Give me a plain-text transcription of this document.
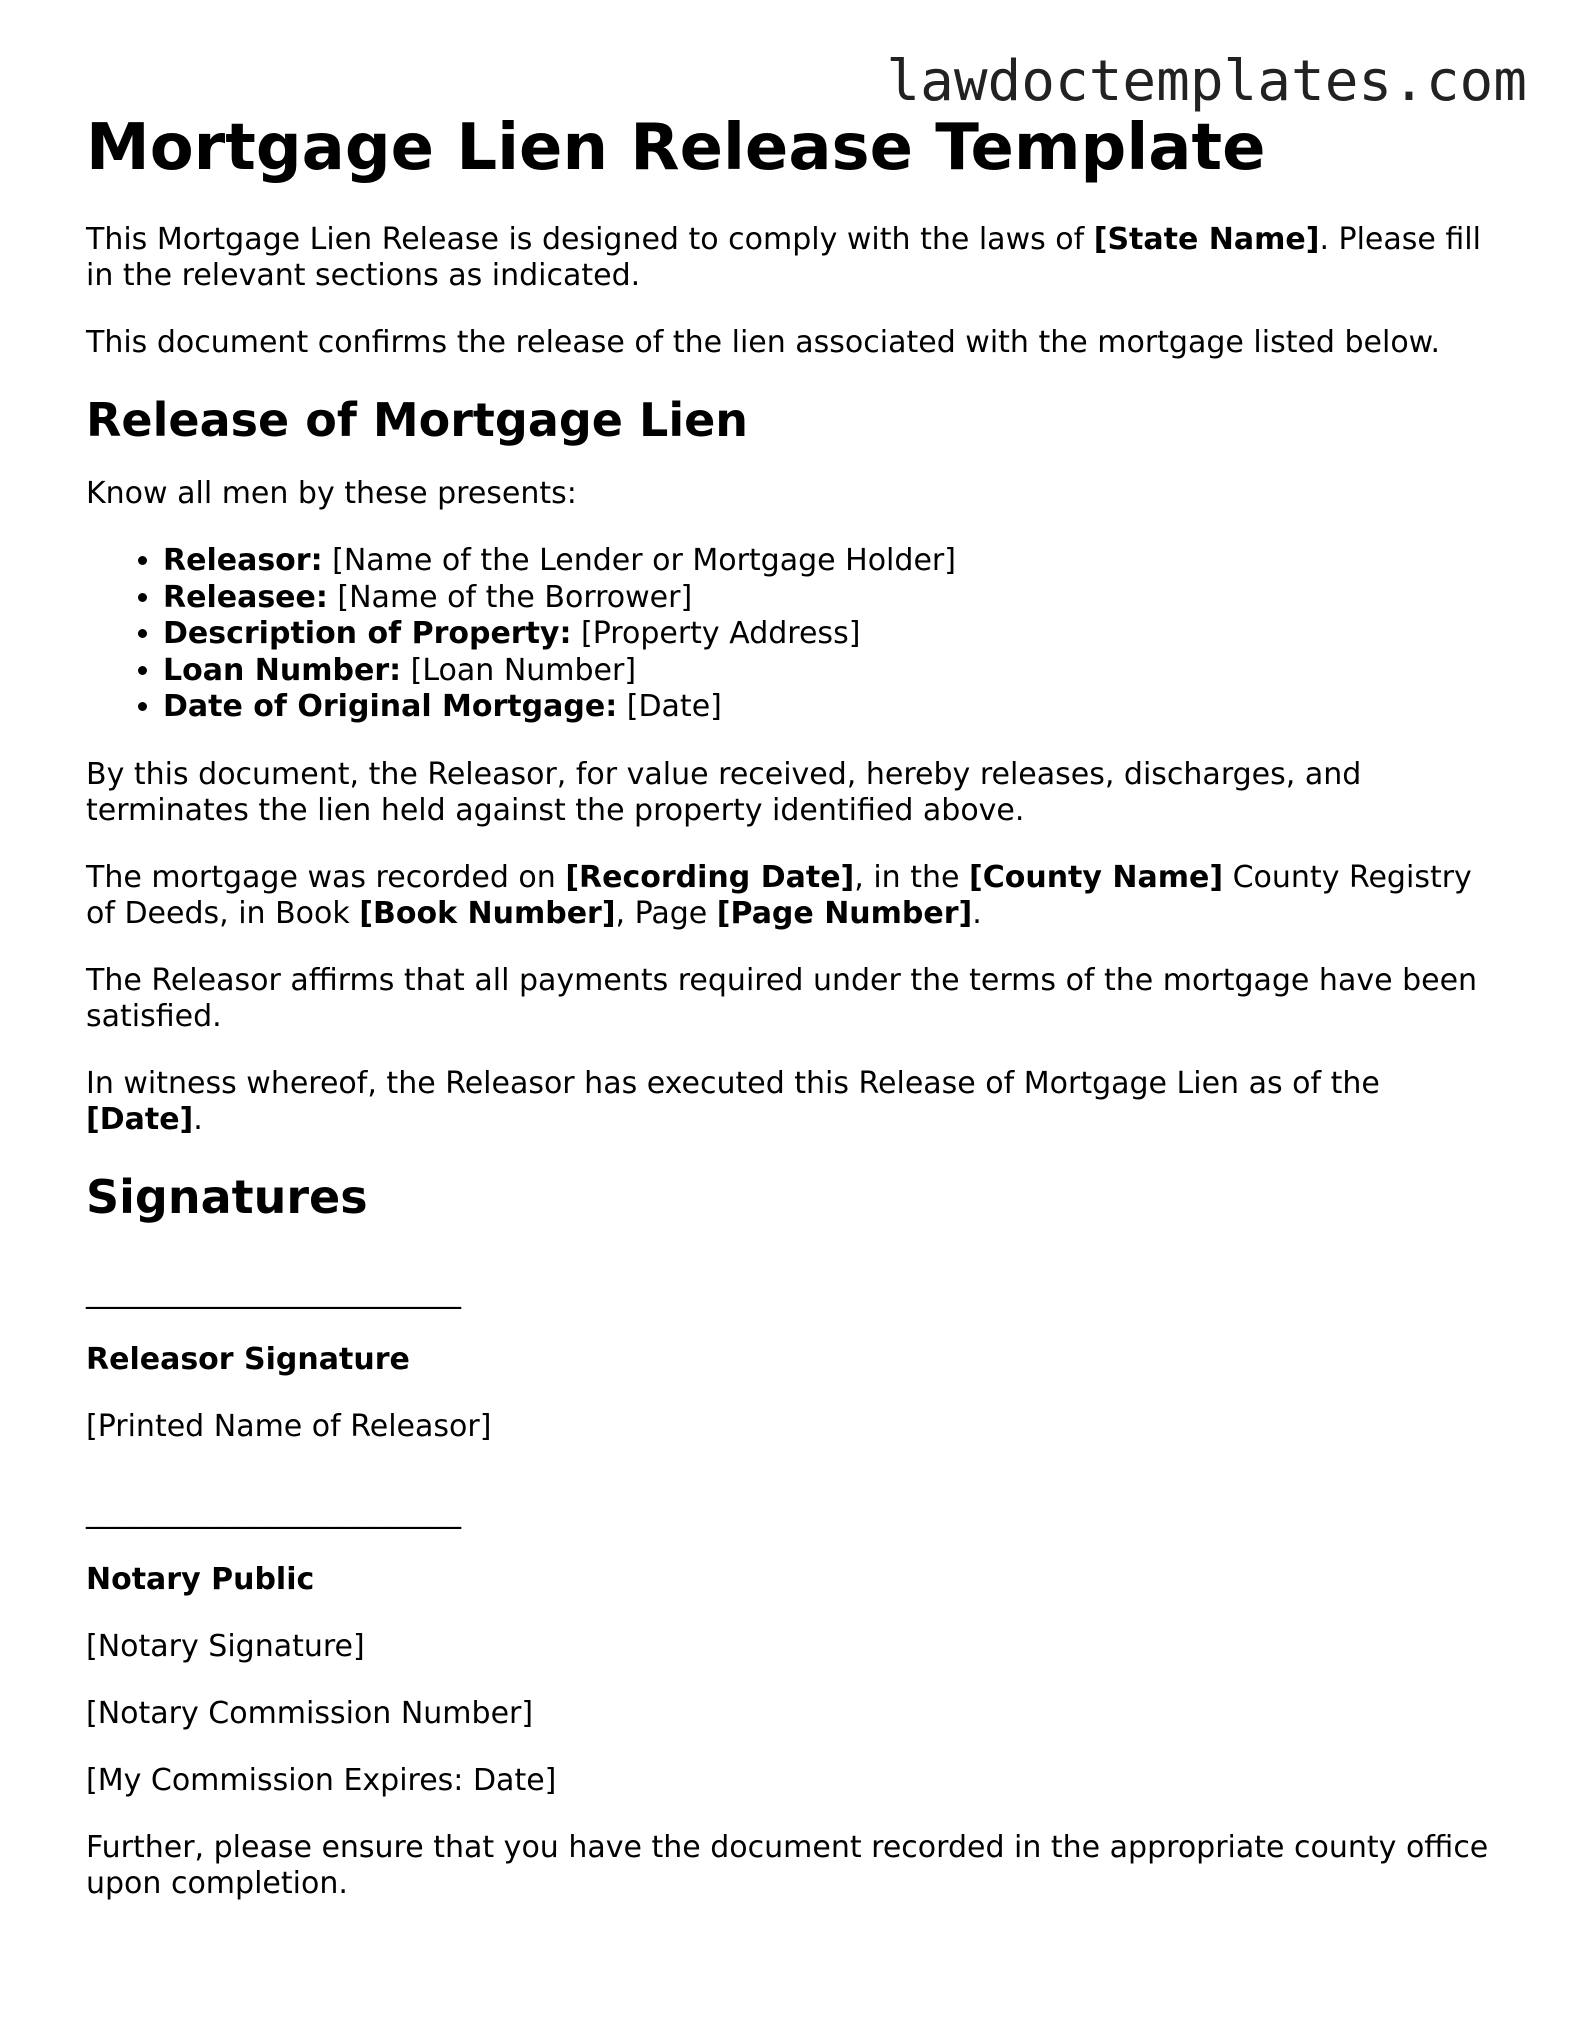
lawdoctemplates.com
Mortgage Lien Release Template

This Mortgage Lien Release is designed to comply with the laws of [State Name]. Please fill in the relevant sections as indicated.

This document confirms the release of the lien associated with the mortgage listed below.

Release of Mortgage Lien

Know all men by these presents:

• Releasor: [Name of the Lender or Mortgage Holder]
• Releasee: [Name of the Borrower]
• Description of Property: [Property Address]
• Loan Number: [Loan Number]
• Date of Original Mortgage: [Date]

By this document, the Releasor, for value received, hereby releases, discharges, and terminates the lien held against the property identified above.

The mortgage was recorded on [Recording Date], in the [County Name] County Registry of Deeds, in Book [Book Number], Page [Page Number].

The Releasor affirms that all payments required under the terms of the mortgage have been satisfied.

In witness whereof, the Releasor has executed this Release of Mortgage Lien as of the [Date].

Signatures

_________________________

Releasor Signature

[Printed Name of Releasor]

_________________________

Notary Public

[Notary Signature]

[Notary Commission Number]

[My Commission Expires: Date]

Further, please ensure that you have the document recorded in the appropriate county office upon completion.
